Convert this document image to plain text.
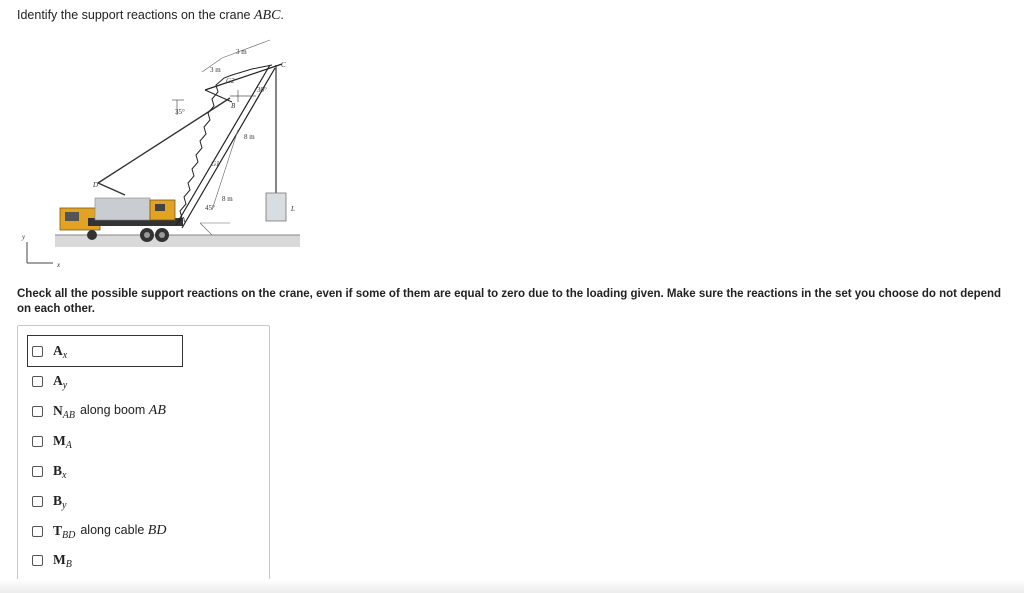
Identify the support reactions on the crane ABC.
3 m
3 m
8 m
8 m
35°
30°
45°
A
B
C
D
G1
G2
L
y
x
Check all the possible support reactions on the crane, even if some of them are equal to zero due to the loading given. Make sure the reactions in the set you choose do not depend on each other.
A x
A y
N AB along boom AB
M A
B x
B y
T BD along cable BD
M B
